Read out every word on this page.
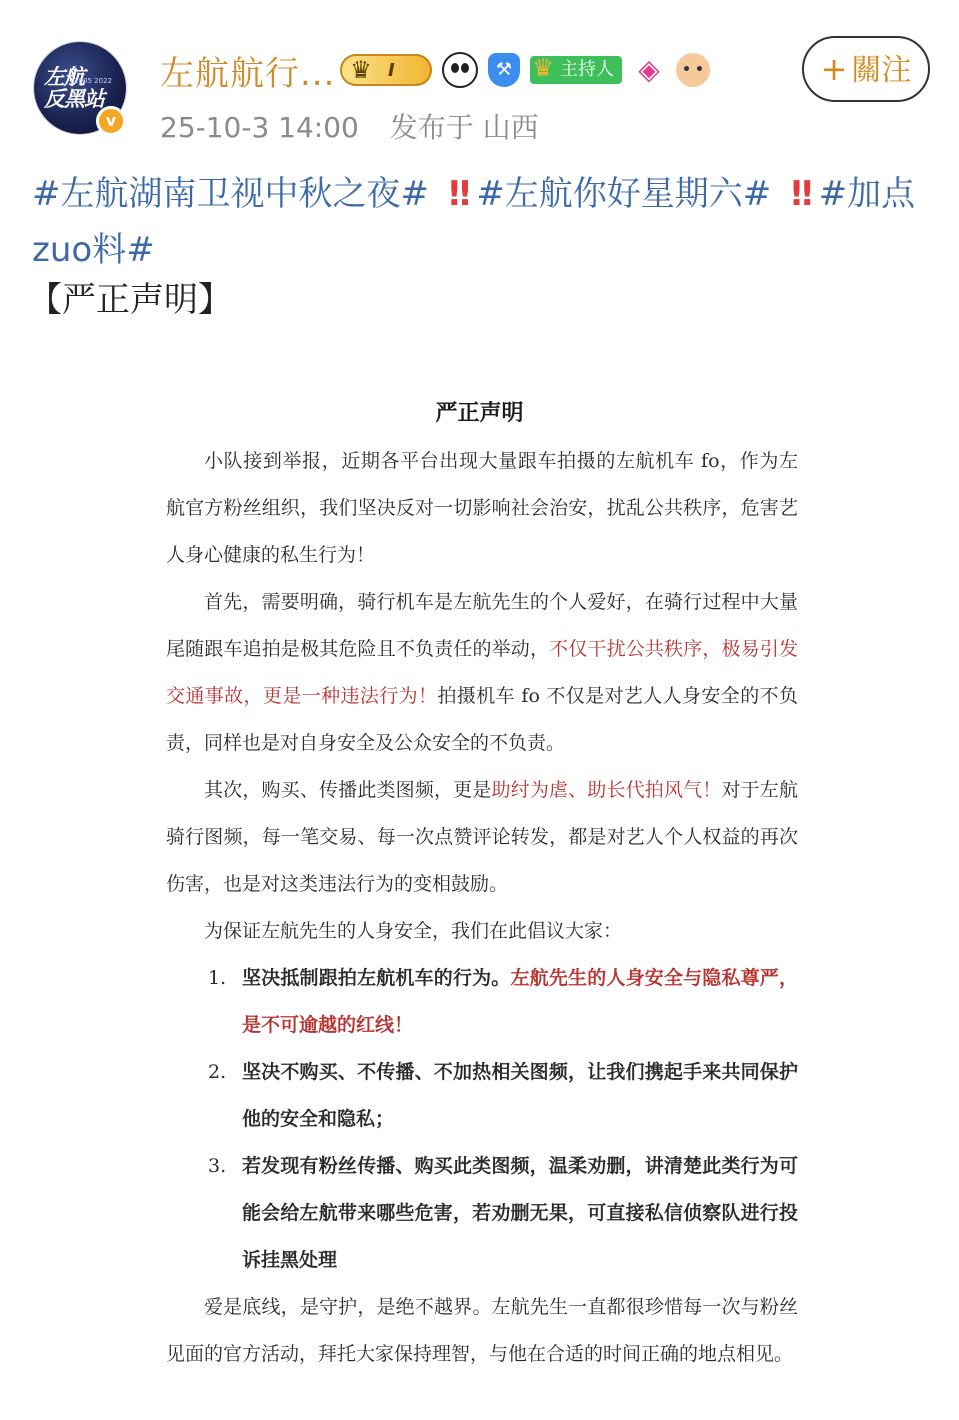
左航
反黑站
2005 2022
v
左航航行... ♛ I	⚒ ♛ 主持人 ◈
25-10-3 14:00 发布于 山西
+ 關注
#左航湖南卫视中秋之夜# ‼ #左航你好星期六# ‼ #加点zuo料#
【严正声明】
严正声明

小队接到举报，近期各平台出现大量跟车拍摄的左航机车 fo，作为左航官方粉丝组织，我们坚决反对一切影响社会治安，扰乱公共秩序，危害艺人身心健康的私生行为！

首先，需要明确，骑行机车是左航先生的个人爱好，在骑行过程中大量尾随跟车追拍是极其危险且不负责任的举动，不仅干扰公共秩序，极易引发交通事故，更是一种违法行为！拍摄机车 fo 不仅是对艺人人身安全的不负责，同样也是对自身安全及公众安全的不负责。

其次，购买、传播此类图频，更是助纣为虐、助长代拍风气！对于左航骑行图频，每一笔交易、每一次点赞评论转发，都是对艺人个人权益的再次伤害，也是对这类违法行为的变相鼓励。

为保证左航先生的人身安全，我们在此倡议大家：

1. 坚决抵制跟拍左航机车的行为。左航先生的人身安全与隐私尊严，是不可逾越的红线！
2. 坚决不购买、不传播、不加热相关图频，让我们携起手来共同保护他的安全和隐私；
3. 若发现有粉丝传播、购买此类图频，温柔劝删，讲清楚此类行为可能会给左航带来哪些危害，若劝删无果，可直接私信侦察队进行投诉挂黑处理

爱是底线，是守护，是绝不越界。左航先生一直都很珍惜每一次与粉丝见面的官方活动，拜托大家保持理智，与他在合适的时间正确的地点相见。
